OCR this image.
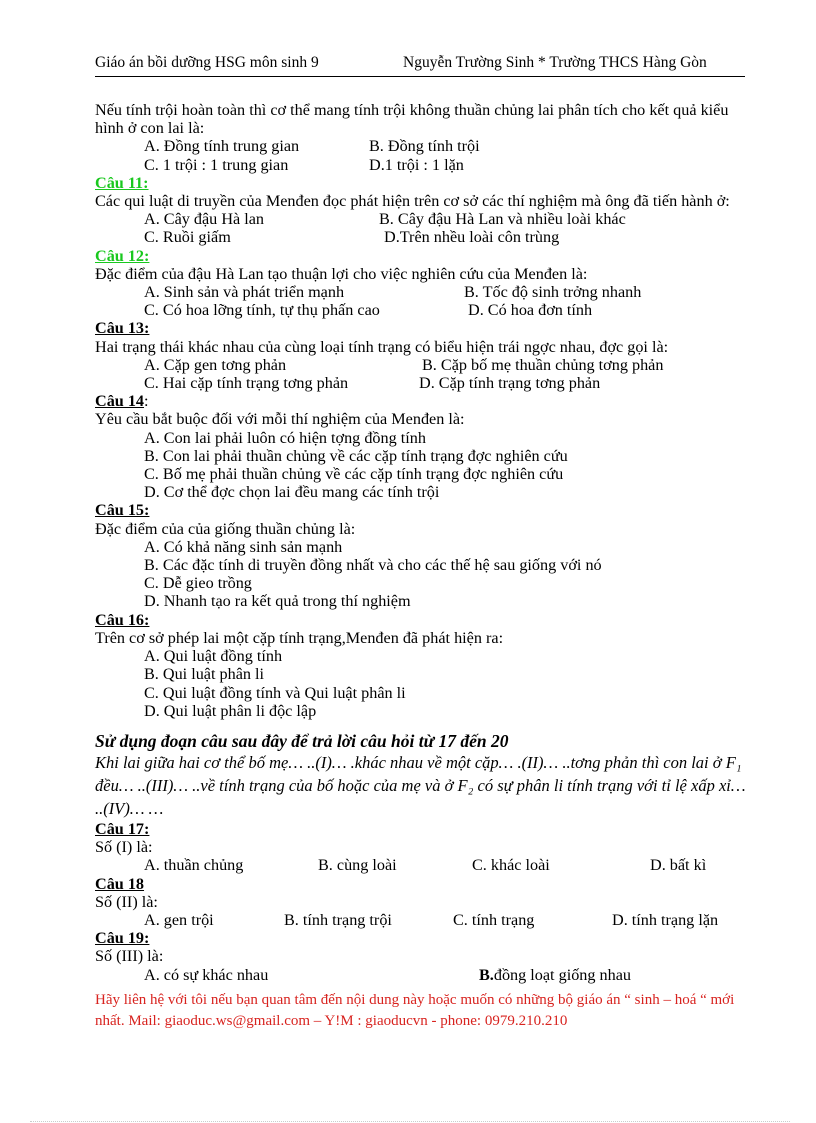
Giáo án bồi dưỡng HSG môn sinh 9	Nguyễn Trường Sinh * Trường THCS Hàng Gòn

Nếu tính trội hoàn toàn thì cơ thể mang tính trội không thuần chủng lai phân tích cho kết quả kiểu hình ở con lai là:

A. Đồng tính trung gian	B. Đồng tính trội
C. 1 trội : 1 trung gian	D.1 trội : 1 lặn

Câu 11:

Các qui luật di truyền của Menđen đọc phát hiện trên cơ sở các thí nghiệm mà ông đã tiến hành ở:

A. Cây đậu Hà lan	B. Cây đậu Hà Lan và nhiều loài khác
C. Ruồi giấm	D.Trên nhều loài côn trùng

Câu 12:

Đặc điểm của đậu Hà Lan tạo thuận lợi cho việc nghiên cứu của Menđen là:

A. Sinh sản và phát triển mạnh	B. Tốc độ sinh trởng nhanh
C. Có hoa lỡng tính, tự thụ phấn cao	D. Có hoa đơn tính

Câu 13:

Hai trạng thái khác nhau của cùng loại tính trạng có biểu hiện trái ngợc nhau, đợc gọi là:

A. Cặp gen tơng phản	B. Cặp bố mẹ thuần chủng tơng phản
C. Hai cặp tính trạng tơng phản	D. Cặp tính trạng tơng phản

Câu 14:

Yêu cầu bắt buộc đối với mỗi thí nghiệm của Menđen là:

A. Con lai phải luôn có hiện tợng đồng tính

B. Con lai phải thuần chủng về các cặp tính trạng đợc nghiên cứu

C. Bố mẹ phải thuần chủng về các cặp tính trạng đợc nghiên cứu

D. Cơ thể đợc chọn lai đều mang các tính trội

Câu 15:

Đặc điểm của của giống thuần chủng là:

A. Có khả năng sinh sản mạnh

B. Các đặc tính di truyền đồng nhất và cho các thế hệ sau giống với nó

C. Dễ gieo trồng

D. Nhanh tạo ra kết quả trong thí nghiệm

Câu 16:

Trên cơ sở phép lai một cặp tính trạng,Menđen đã phát hiện ra:

A. Qui luật đồng tính

B. Qui luật phân li

C. Qui luật đồng tính và Qui luật phân li

D. Qui luật phân li độc lập

Sử dụng đoạn câu sau đây để trả lời câu hỏi từ 17 đến 20

Khi lai giữa hai cơ thể bố mẹ… ..(I)… .khác nhau về một cặp… .(II)… ..tơng phản thì con lai ở F₁ đều… ..(III)… ..về tính trạng của bố hoặc của mẹ và ở F₂ có sự phân li tính trạng với tỉ lệ xấp xỉ… ..(IV)… …

Câu 17:

Số (I) là:

A. thuần chủng	B. cùng loài	C. khác loài	D. bất kì

Câu 18

Số (II) là:

A. gen trội	B. tính trạng trội	C. tính trạng	D. tính trạng lặn

Câu 19:

Số (III) là:

A. có sự khác nhau	B.đồng loạt giống nhau

Hãy liên hệ với tôi nếu bạn quan tâm đến nội dung này hoặc muốn có những bộ giáo án “ sinh – hoá “ mới nhất. Mail: giaoduc.ws@gmail.com – Y!M : giaoducvn - phone: 0979.210.210
